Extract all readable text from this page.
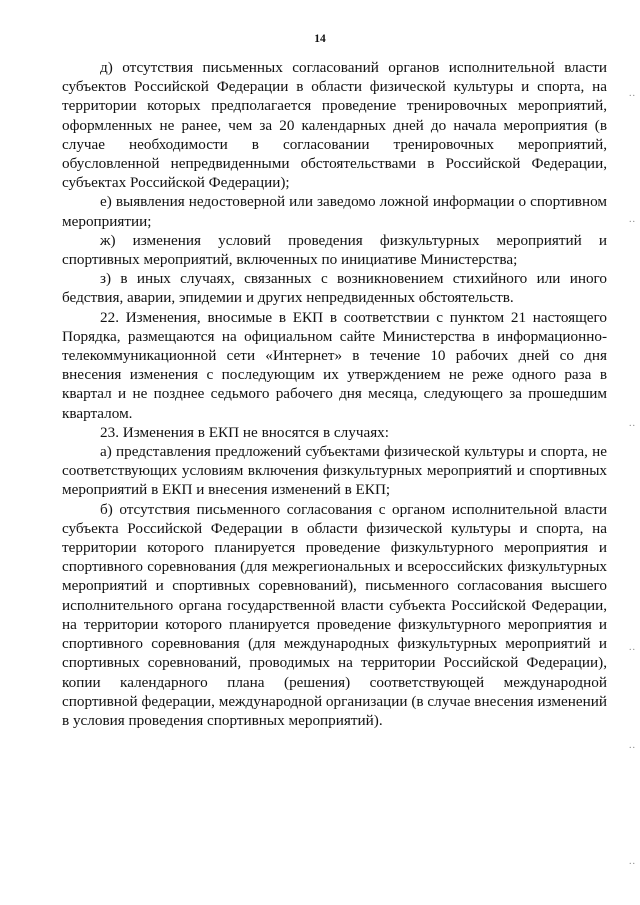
14

д) отсутствия письменных согласований органов исполнительной власти субъектов Российской Федерации в области физической культуры и спорта, на территории которых предполагается проведение тренировочных мероприятий, оформленных не ранее, чем за 20 календарных дней до начала мероприятия (в случае необходимости в согласовании тренировочных мероприятий, обусловленной непредвиденными обстоятельствами в Российской Федерации, субъектах Российской Федерации);

е) выявления недостоверной или заведомо ложной информации о спортивном мероприятии;

ж) изменения условий проведения физкультурных мероприятий и спортивных мероприятий, включенных по инициативе Министерства;

з) в иных случаях, связанных с возникновением стихийного или иного бедствия, аварии, эпидемии и других непредвиденных обстоятельств.

22. Изменения, вносимые в ЕКП в соответствии с пунктом 21 настоящего Порядка, размещаются на официальном сайте Министерства в информационно-телекоммуникационной сети «Интернет» в течение 10 рабочих дней со дня внесения изменения с последующим их утверждением не реже одного раза в квартал и не позднее седьмого рабочего дня месяца, следующего за прошедшим кварталом.

23. Изменения в ЕКП не вносятся в случаях:

а) представления предложений субъектами физической культуры и спорта, не соответствующих условиям включения физкультурных мероприятий и спортивных мероприятий в ЕКП и внесения изменений в ЕКП;

б) отсутствия письменного согласования с органом исполнительной власти субъекта Российской Федерации в области физической культуры и спорта, на территории которого планируется проведение физкультурного мероприятия и спортивного соревнования (для межрегиональных и всероссийских физкультурных мероприятий и спортивных соревнований), письменного согласования высшего исполнительного органа государственной власти субъекта Российской Федерации, на территории которого планируется проведение физкультурного мероприятия и спортивного соревнования (для международных физкультурных мероприятий и спортивных соревнований, проводимых на территории Российской Федерации), копии календарного плана (решения) соответствующей международной спортивной федерации, международной организации (в случае внесения изменений в условия проведения спортивных мероприятий).

..
..
..
..
..
..
